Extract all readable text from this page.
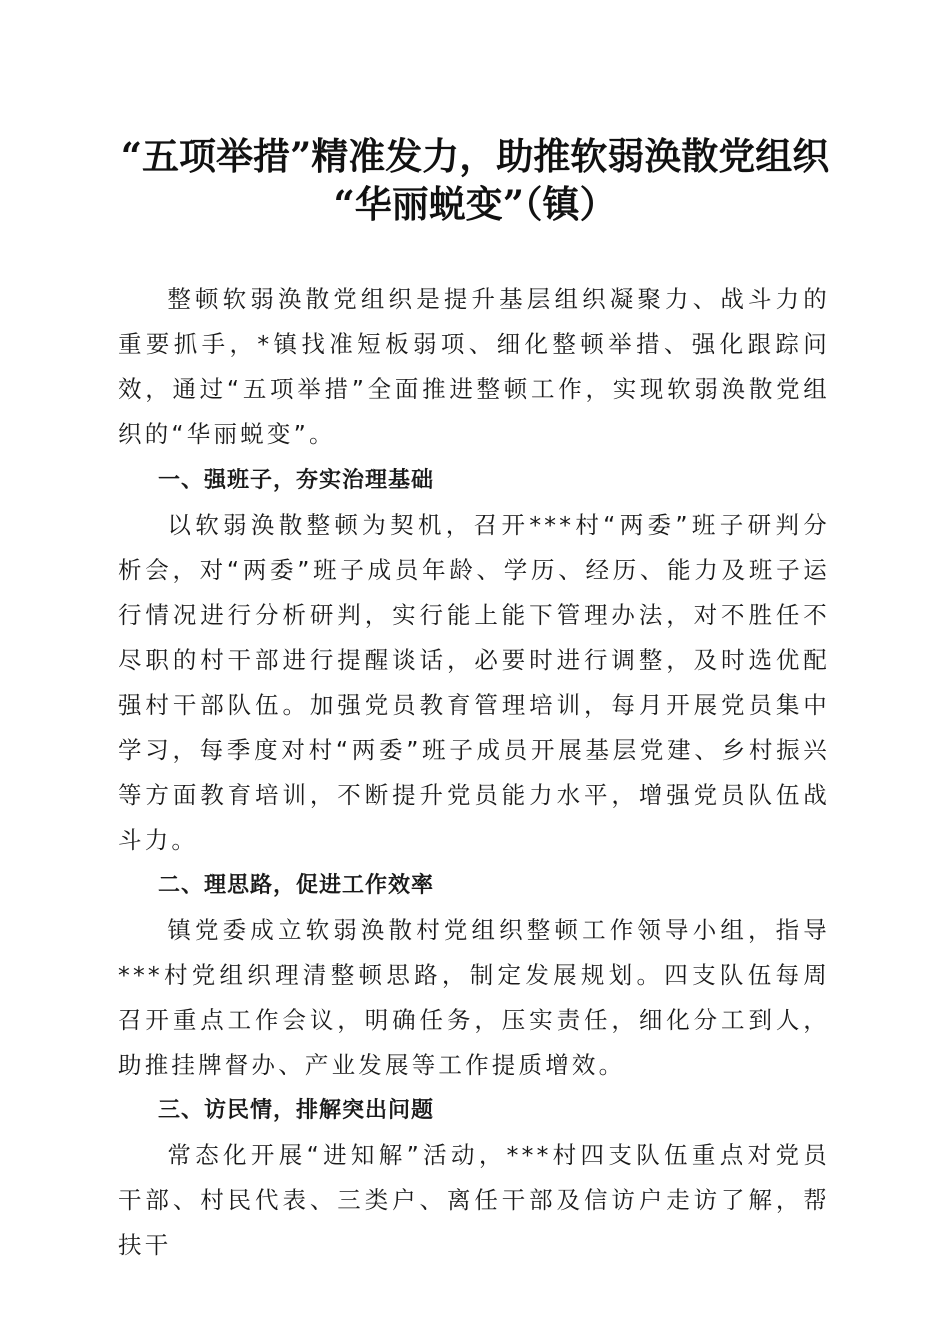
“五项举措”精准发力，助推软弱涣散党组织
“华丽蜕变”（镇）

整顿软弱涣散党组织是提升基层组织凝聚力、战斗力的重要抓手，*镇找准短板弱项、细化整顿举措、强化跟踪问效，通过“五项举措”全面推进整顿工作，实现软弱涣散党组织的“华丽蜕变”。

一、强班子，夯实治理基础

以软弱涣散整顿为契机，召开***村“两委”班子研判分析会，对“两委”班子成员年龄、学历、经历、能力及班子运行情况进行分析研判，实行能上能下管理办法，对不胜任不尽职的村干部进行提醒谈话，必要时进行调整，及时选优配强村干部队伍。加强党员教育管理培训，每月开展党员集中学习，每季度对村“两委”班子成员开展基层党建、乡村振兴等方面教育培训，不断提升党员能力水平，增强党员队伍战斗力。

二、理思路，促进工作效率

镇党委成立软弱涣散村党组织整顿工作领导小组，指导***村党组织理清整顿思路，制定发展规划。四支队伍每周召开重点工作会议，明确任务，压实责任，细化分工到人，助推挂牌督办、产业发展等工作提质增效。

三、访民情，排解突出问题

常态化开展“进知解”活动，***村四支队伍重点对党员干部、村民代表、三类户、离任干部及信访户走访了解，帮扶干
